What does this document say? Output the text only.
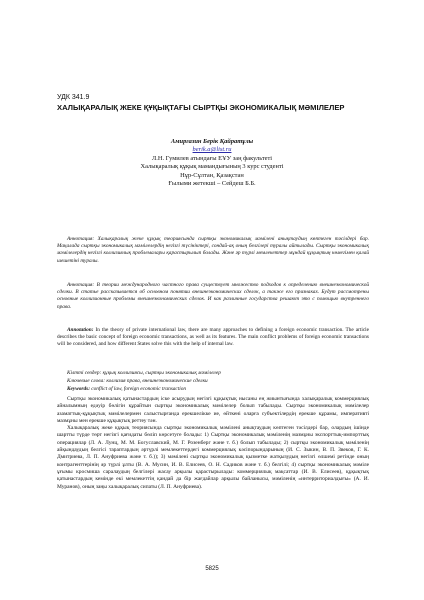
УДК 341.9
ХАЛЫҚАРАЛЫҚ ЖЕКЕ ҚҰҚЫҚТАҒЫ СЫРТҚЫ ЭКОНОМИКАЛЫҚ МӘМІЛЕЛЕР
Амиргазин Берік Қайратұлы
berik.a@list.ru
Л.Н. Гумилев атындағы ЕҰУ заң факультеті
Халықаралық құқық мамандығының 3 курс студенті
Нұр-Сұлтан, Қазақстан
Ғылыми жетекші – Сейдеш Б.Б.
Аннотация: Халықаралық жеке құқық теориясында сыртқы экономикалық мәмілені анықтаудың көптеген тәсілдері бар. Мақалада сыртқы экономикалық мәмілелердің негізгі түсініктері, сондай-ақ оның белгілері туралы айтылады. Сыртқы экономикалық мәмілелердің негізгі коллизиялық проблемалары қарастырылып болады. Және әр түрлі мемлекеттер мұндай құқықтың көмегімен қалай шешетіні туралы.
Аннотация: В теории международного частного права существует множество подходов к определению внешнеэкономической сделки. В статье рассказывается об основном понятии внешнеэкономических сделок, а также его признаках. Будут рассмотрены основные коллизионные проблемы внешнеэкономических сделок. И как различные государства решают это с помощью внутреннего права.
Annotation: In the theory of private international law, there are many approaches to defining a foreign economic transaction. The article describes the basic concept of foreign economic transactions, as well as its features. The main conflict problems of foreign economic transactions will be considered, and how different States solve this with the help of internal law.
Кілтті сөздер: құқық коллизиясы, сыртқы экономикалық мәмілелер
Ключевые слова: коллизия права, внешнеэкономические сделки
Keywords: conflict of law, foreign economic transaction

Сыртқы экономикалық қатынастардың іске асырудың негізгі құқықтық нысаны ең жиынтығында халықаралық коммерциялық айналымның едәуір бөлігін құрайтын сыртқы экономикалық мәмілелер болып табылады. Сыртқы экономикалық мәмілелер азаматтық-құқықтық мәмілелермен салыстырғанда ерекшелікке ие, өйткені оларға субъектілердің ерекше құрамы, императивті мазмұны мен ерекше құқықтық реттеу тән.

Халықаралық жеке құқық теориясында сыртқы экономикалық мәмілені анықтаудың көптеген тәсілдері бар, олардың ішінде шартты түрде төрт негізгі қағидаты бөліп көрсетуге болады: 1) Сыртқы экономикалық мәміленің мазмұны экспорттық-импорттық операциялар (Л. А. Лунц, М. М. Богуславский, М. Г. Розенберг және т. б.) болып табылады; 2) сыртқы экономикалық мәміленің айқындаудың белгісі тараптардың әртүрлі мемлекеттердегі коммерциялық кәсіпорындарының (И. С. Зыкин, В. П. Звеков, Г. К. Дмитриева, Л. П. Ануфриева және т. б.)); 3) мәмілені сыртқы экономикалық қызметке жатқызудың негізгі өлшемі ретінде оның контрагенттерінің әр түрлі ұлты (В. А. Мусин, И. В. Елисеев, О. Н. Садиков және т. б.) белгілі; 4) сыртқы экономикалық мәміле ұғымы кросмиша саралаудың белгілері жасау арқылы қарастырылады: коммерциялық мақсаттар (И. В. Елисеев), құқықтық қатынастардың кемінде екі мемлекеттің қандай да бір жағдайлар арқылы байланысы, мәміленің «интерриториалдығы» (А. И. Муранов), оның заңы халықаралық сипаты (Л. П. Ануфриева).

5825
